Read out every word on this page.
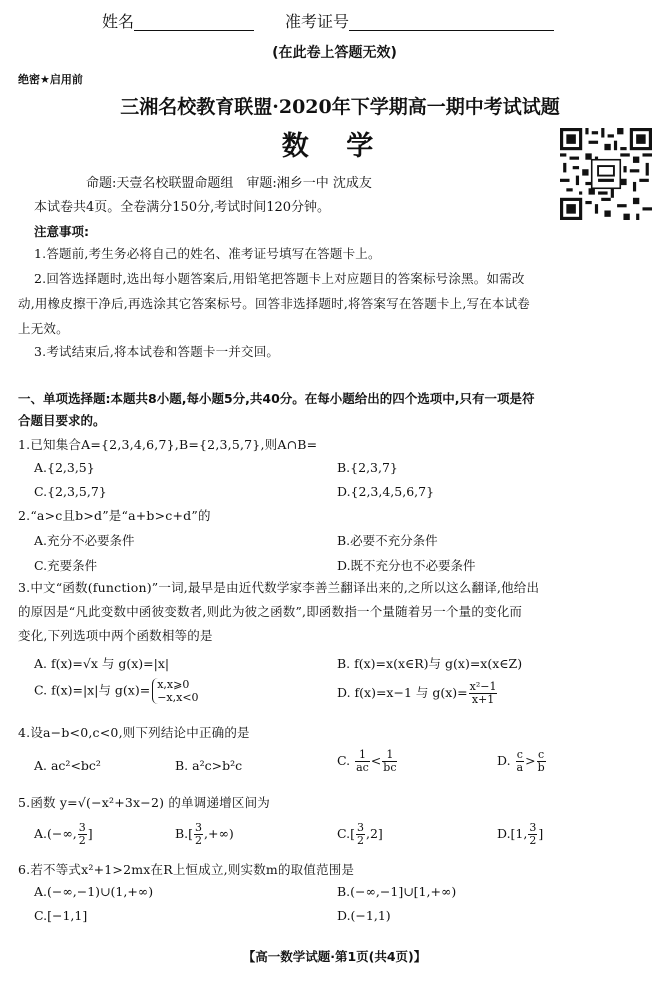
姓名	准考证号
(在此卷上答题无效)
绝密★启用前
三湘名校教育联盟·2020年下学期高一期中考试试题
数 学
命题:天壹名校联盟命题组　审题:湘乡一中 沈成友
本试卷共4页。全卷满分150分,考试时间120分钟。
注意事项:
1.答题前,考生务必将自己的姓名、准考证号填写在答题卡上。
2.回答选择题时,选出每小题答案后,用铅笔把答题卡上对应题目的答案标号涂黑。如需改
动,用橡皮擦干净后,再选涂其它答案标号。回答非选择题时,将答案写在答题卡上,写在本试卷
上无效。
3.考试结束后,将本试卷和答题卡一并交回。
一、单项选择题:本题共8小题,每小题5分,共40分。在每小题给出的四个选项中,只有一项是符
合题目要求的。
1.已知集合A={2,3,4,6,7},B={2,3,5,7},则A∩B=
A.{2,3,5}	B.{2,3,7}
C.{2,3,5,7}	D.{2,3,4,5,6,7}
2.“a>c且b>d”是“a+b>c+d”的
A.充分不必要条件	B.必要不充分条件
C.充要条件	D.既不充分也不必要条件
3.中文“函数(function)”一词,最早是由近代数学家李善兰翻译出来的,之所以这么翻译,他给出
的原因是“凡此变数中函彼变数者,则此为彼之函数”,即函数指一个量随着另一个量的变化而
变化,下列选项中两个函数相等的是
A. f(x)=√x 与 g(x)=|x|	B. f(x)=x(x∈R)与 g(x)=x(x∈Z)
C. f(x)=|x|与 g(x)= x,x⩾0
−x,x<0	D. f(x)=x−1 与 $g(x)= \frac{\text{x²−1}}{x+1}$
4.设a−b<0,c<0,则下列结论中正确的是
A. ac²<bc²	B. a²c>b²c	C. $\frac{1}{ac} < \frac{1}{bc}$	D. $\frac{c}{a} > \frac{c}{b}$
5.函数 y=√(−x²+3x−2) 的单调递增区间为
A.(−∞, $\frac{3}{2}$ ]	$B.[ \frac{3}{2}$ ,+∞)	$C.[ \frac{3}{2} ,2]$	D.[1, $\frac{3}{2}$ ]
6.若不等式x²+1>2mx在R上恒成立,则实数m的取值范围是
A.(−∞,−1)∪(1,+∞)	B.(−∞,−1]∪[1,+∞)
C.[−1,1]	D.(−1,1)
【高一数学试题·第1页(共4页)】
